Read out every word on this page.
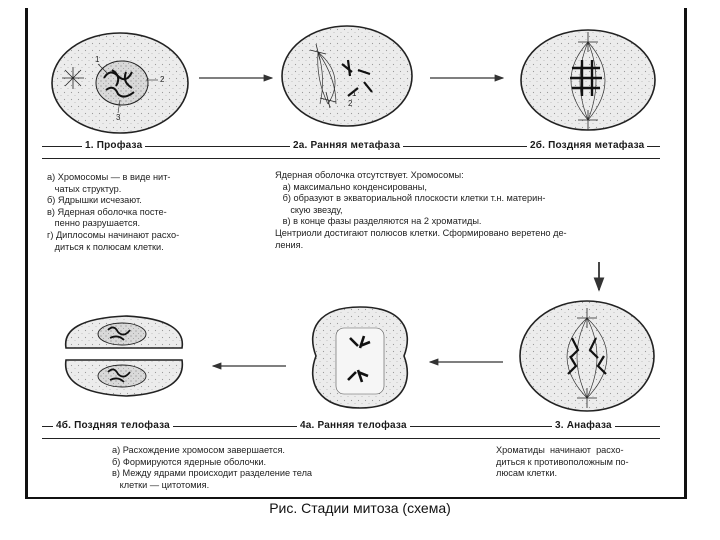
1
2
3
1
2
1. Профаза	2а. Ранняя метафаза	2б. Поздняя метафаза
а) Хромосомы — в виде нит-
чатых структур.
б) Ядрышки исчезают.
в) Ядерная оболочка посте-
пенно разрушается.
г) Диплосомы начинают расхо-
диться к полюсам клетки.
Ядерная оболочка отсутствует. Хромосомы:
а) максимально конденсированы,
б) образуют в экваториальной плоскости клетки т.н. материн-
скую звезду,
в) в конце фазы разделяются на 2 хроматиды.
Центриоли достигают полюсов клетки. Сформировано веретено де-
ления.
4б. Поздняя телофаза	4а. Ранняя телофаза	3. Анафаза
а) Расхождение хромосом завершается.
б) Формируются ядерные оболочки.
в) Между ядрами происходит разделение тела
клетки — цитотомия.
Хроматиды  начинают  расхо-
диться к противоположным по-
люсам клетки.
Рис. Стадии митоза (схема)
